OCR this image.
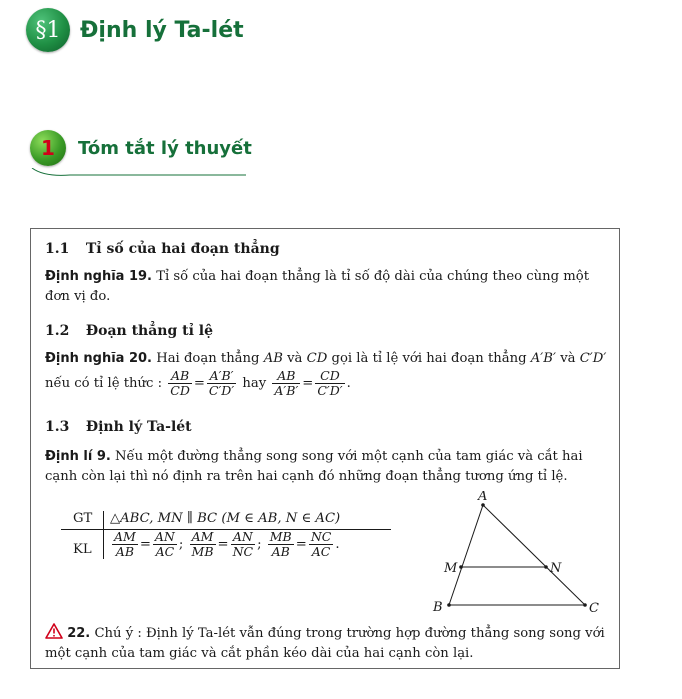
§1 Định lý Ta-lét
1	Tóm tắt lý thuyết
1.1 Tỉ số của hai đoạn thẳng
Định nghĩa 19. Tỉ số của hai đoạn thẳng là tỉ số độ dài của chúng theo cùng một đơn vị đo.
1.2 Đoạn thẳng tỉ lệ
Định nghĩa 20. Hai đoạn thẳng AB và CD gọi là tỉ lệ với hai đoạn thẳng A′B′ và C′D′
nếu có tỉ lệ thức : $\frac{AB}{CD} = \frac{A'B'}{C'D'}$ hay $\frac{AB}{A'B'} = \frac{CD}{C'D'}$ .
1.3 Định lý Ta-lét
Định lí 9. Nếu một đường thẳng song song với một cạnh của tam giác và cắt hai cạnh còn lại thì nó định ra trên hai cạnh đó những đoạn thẳng tương ứng tỉ lệ.
GT △ABC, MN ∥ BC (M ∈ AB, N ∈ AC)
KL $\frac{AM}{AB} = \frac{AN}{AC}$ ; $\frac{AM}{MB} = \frac{AN}{NC}$ ; $\frac{MB}{AB} = \frac{NC}{AC}$ .
A
B	C
M	N
22. Chú ý : Định lý Ta-lét vẫn đúng trong trường hợp đường thẳng song song với một cạnh của tam giác và cắt phần kéo dài của hai cạnh còn lại.
